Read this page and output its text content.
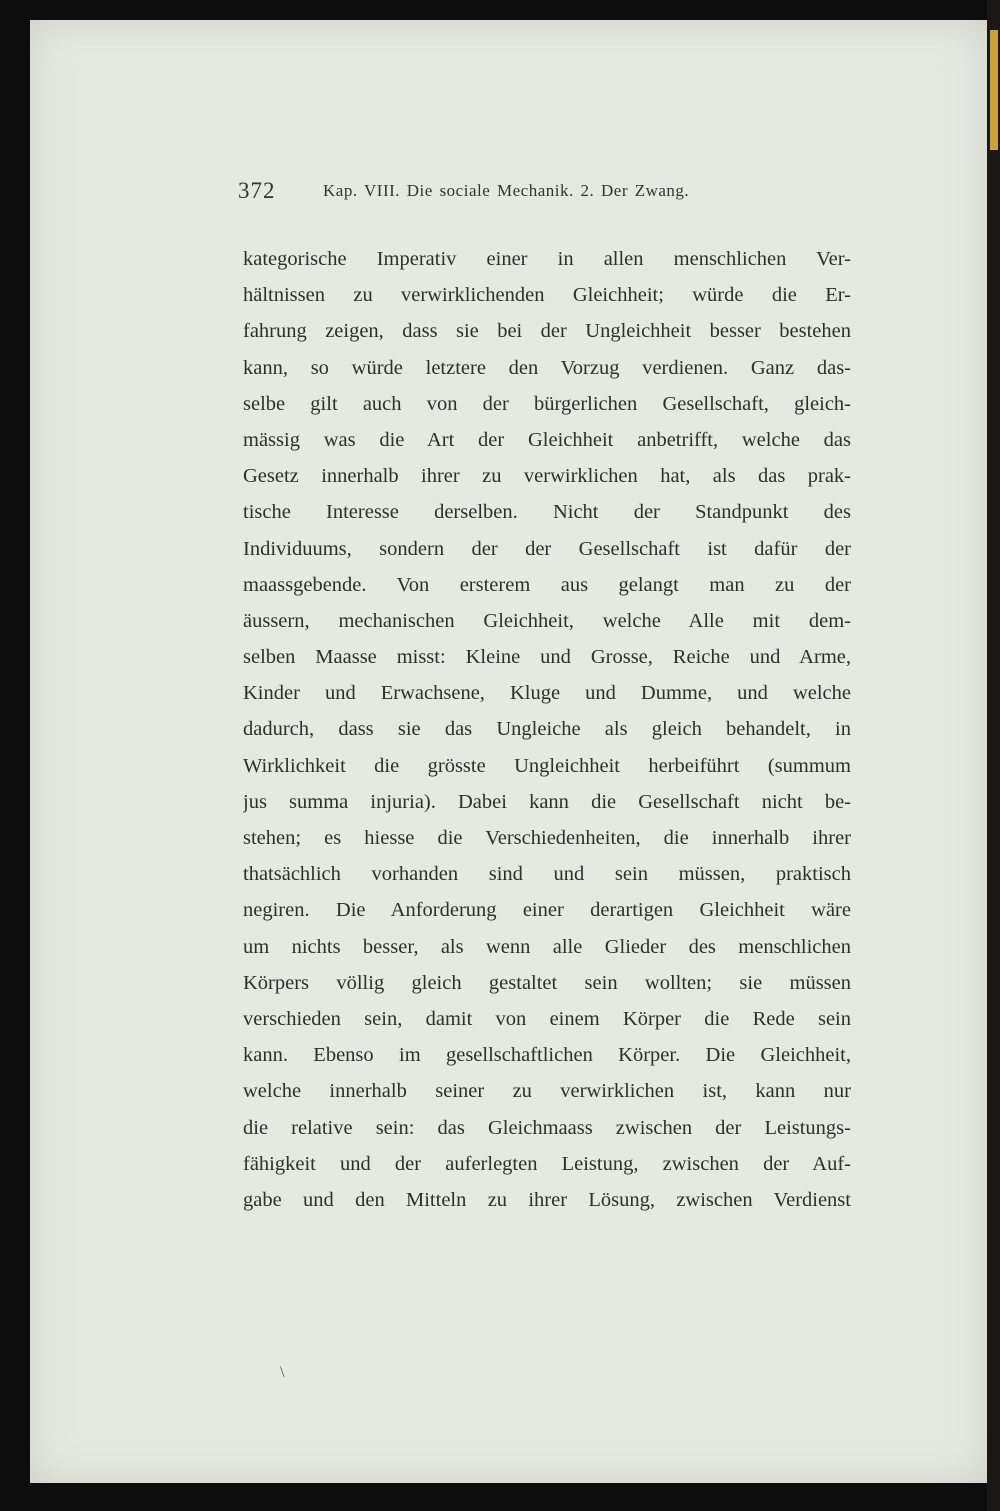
372	Kap. VIII. Die sociale Mechanik. 2. Der Zwang.
kategorische Imperativ einer in allen menschlichen Ver-
hältnissen zu verwirklichenden Gleichheit; würde die Er-
fahrung zeigen, dass sie bei der Ungleichheit besser bestehen
kann, so würde letztere den Vorzug verdienen. Ganz das-
selbe gilt auch von der bürgerlichen Gesellschaft, gleich-
mässig was die Art der Gleichheit anbetrifft, welche das
Gesetz innerhalb ihrer zu verwirklichen hat, als das prak-
tische Interesse derselben. Nicht der Standpunkt des
Individuums, sondern der der Gesellschaft ist dafür der
maassgebende. Von ersterem aus gelangt man zu der
äussern, mechanischen Gleichheit, welche Alle mit dem-
selben Maasse misst: Kleine und Grosse, Reiche und Arme,
Kinder und Erwachsene, Kluge und Dumme, und welche
dadurch, dass sie das Ungleiche als gleich behandelt, in
Wirklichkeit die grösste Ungleichheit herbeiführt (summum
jus summa injuria). Dabei kann die Gesellschaft nicht be-
stehen; es hiesse die Verschiedenheiten, die innerhalb ihrer
thatsächlich vorhanden sind und sein müssen, praktisch
negiren. Die Anforderung einer derartigen Gleichheit wäre
um nichts besser, als wenn alle Glieder des menschlichen
Körpers völlig gleich gestaltet sein wollten; sie müssen
verschieden sein, damit von einem Körper die Rede sein
kann. Ebenso im gesellschaftlichen Körper. Die Gleichheit,
welche innerhalb seiner zu verwirklichen ist, kann nur
die relative sein: das Gleichmaass zwischen der Leistungs-
fähigkeit und der auferlegten Leistung, zwischen der Auf-
gabe und den Mitteln zu ihrer Lösung, zwischen Verdienst
\
